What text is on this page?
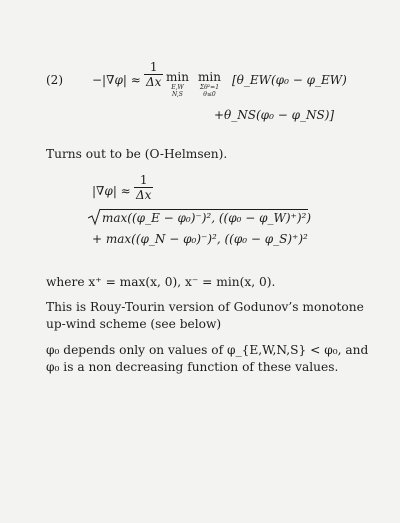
$(2) -|\nabla\varphi| \approx \frac{1}{\Delta x}$ min
E,W
N,S
min
Σθ²=1
θ≤0
[θ_EW(φ₀ − φ_EW)
+θ_NS(φ₀ − φ_NS)]
Turns out to be (O-Helmsen).
$|\nabla\varphi| \approx \frac{1}{\Delta x}$
max((φ_E − φ₀)⁻)², ((φ₀ − φ_W)⁺)²)
+ max((φ_N − φ₀)⁻)², ((φ₀ − φ_S)⁺)²
where x⁺ = max(x, 0), x⁻ = min(x, 0).
This is Rouy-Tourin version of Godunov’s monotone up-wind scheme (see below)
φ₀ depends only on values of φ_{E,W,N,S} < φ₀, and φ₀ is a non decreasing function of these values.
